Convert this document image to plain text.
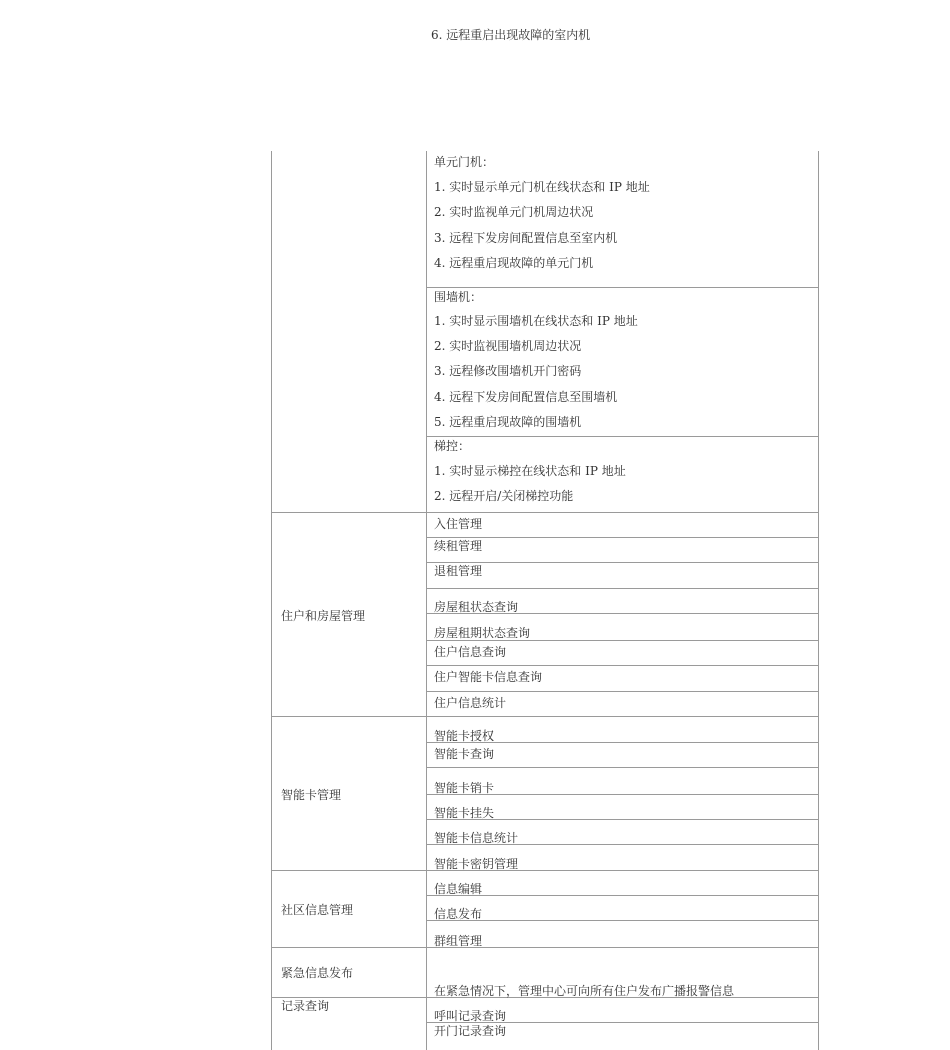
6. 远程重启出现故障的室内机
单元门机：
1. 实时显示单元门机在线状态和 IP 地址
2. 实时监视单元门机周边状况
3. 远程下发房间配置信息至室内机
4. 远程重启现故障的单元门机
围墙机：
1. 实时显示围墙机在线状态和 IP 地址
2. 实时监视围墙机周边状况
3. 远程修改围墙机开门密码
4. 远程下发房间配置信息至围墙机
5. 远程重启现故障的围墙机
梯控：
1. 实时显示梯控在线状态和 IP 地址
2. 远程开启/关闭梯控功能
住户和房屋管理
入住管理
续租管理
退租管理
房屋租状态查询
房屋租期状态查询
住户信息查询
住户智能卡信息查询
住户信息统计
智能卡管理
智能卡授权
智能卡查询
智能卡销卡
智能卡挂失
智能卡信息统计
智能卡密钥管理
社区信息管理
信息编辑
信息发布
群组管理
紧急信息发布
在紧急情况下，管理中心可向所有住户发布广播报警信息
记录查询
呼叫记录查询
开门记录查询
